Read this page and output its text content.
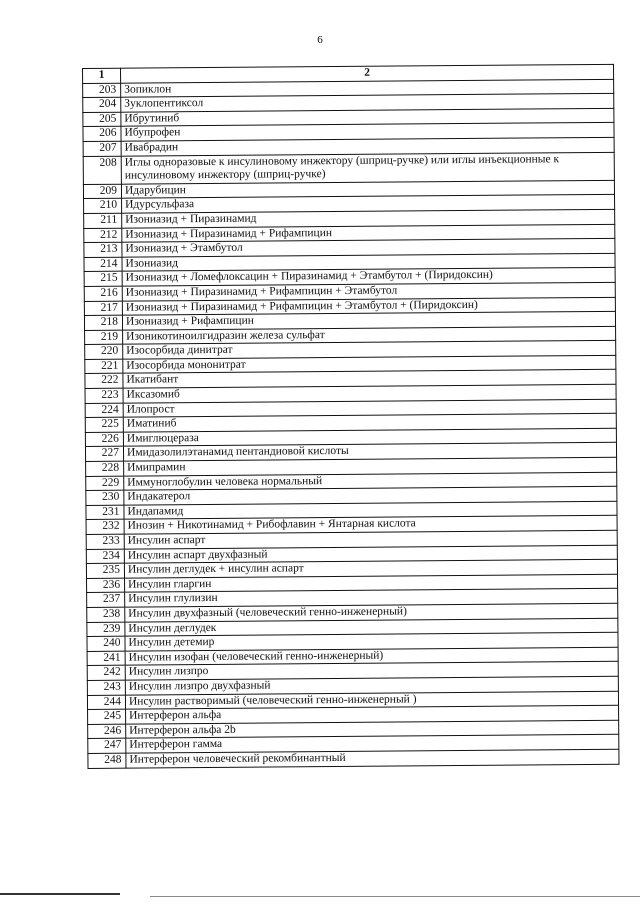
6
1	2
203	Зопиклон
204	Зуклопентиксол
205	Ибрутиниб
206	Ибупрофен
207	Ивабрадин
208	Иглы одноразовые к инсулиновому инжектору (шприц-ручке) или иглы инъекционные к инсулиновому инжектору (шприц-ручке)
209	Идарубицин
210	Идурсульфаза
211	Изониазид + Пиразинамид
212	Изониазид + Пиразинамид + Рифампицин
213	Изониазид + Этамбутол
214	Изониазид
215	Изониазид + Ломефлоксацин + Пиразинамид + Этамбутол + (Пиридоксин)
216	Изониазид + Пиразинамид + Рифампицин + Этамбутол
217	Изониазид + Пиразинамид + Рифампицин + Этамбутол + (Пиридоксин)
218	Изониазид + Рифампицин
219	Изоникотиноилгидразин железа сульфат
220	Изосорбида динитрат
221	Изосорбида мононитрат
222	Икатибант
223	Иксазомиб
224	Илопрост
225	Иматиниб
226	Имиглюцераза
227	Имидазолилэтанамид пентандиовой кислоты
228	Имипрамин
229	Иммуноглобулин человека нормальный
230	Индакатерол
231	Индапамид
232	Инозин + Никотинамид + Рибофлавин + Янтарная кислота
233	Инсулин аспарт
234	Инсулин аспарт двухфазный
235	Инсулин деглудек + инсулин аспарт
236	Инсулин гларгин
237	Инсулин глулизин
238	Инсулин двухфазный (человеческий генно-инженерный)
239	Инсулин деглудек
240	Инсулин детемир
241	Инсулин изофан (человеческий генно-инженерный)
242	Инсулин лизпро
243	Инсулин лизпро двухфазный
244	Инсулин растворимый (человеческий генно-инженерный )
245	Интерферон альфа
246	Интерферон альфа 2b
247	Интерферон гамма
248	Интерферон человеческий рекомбинантный
